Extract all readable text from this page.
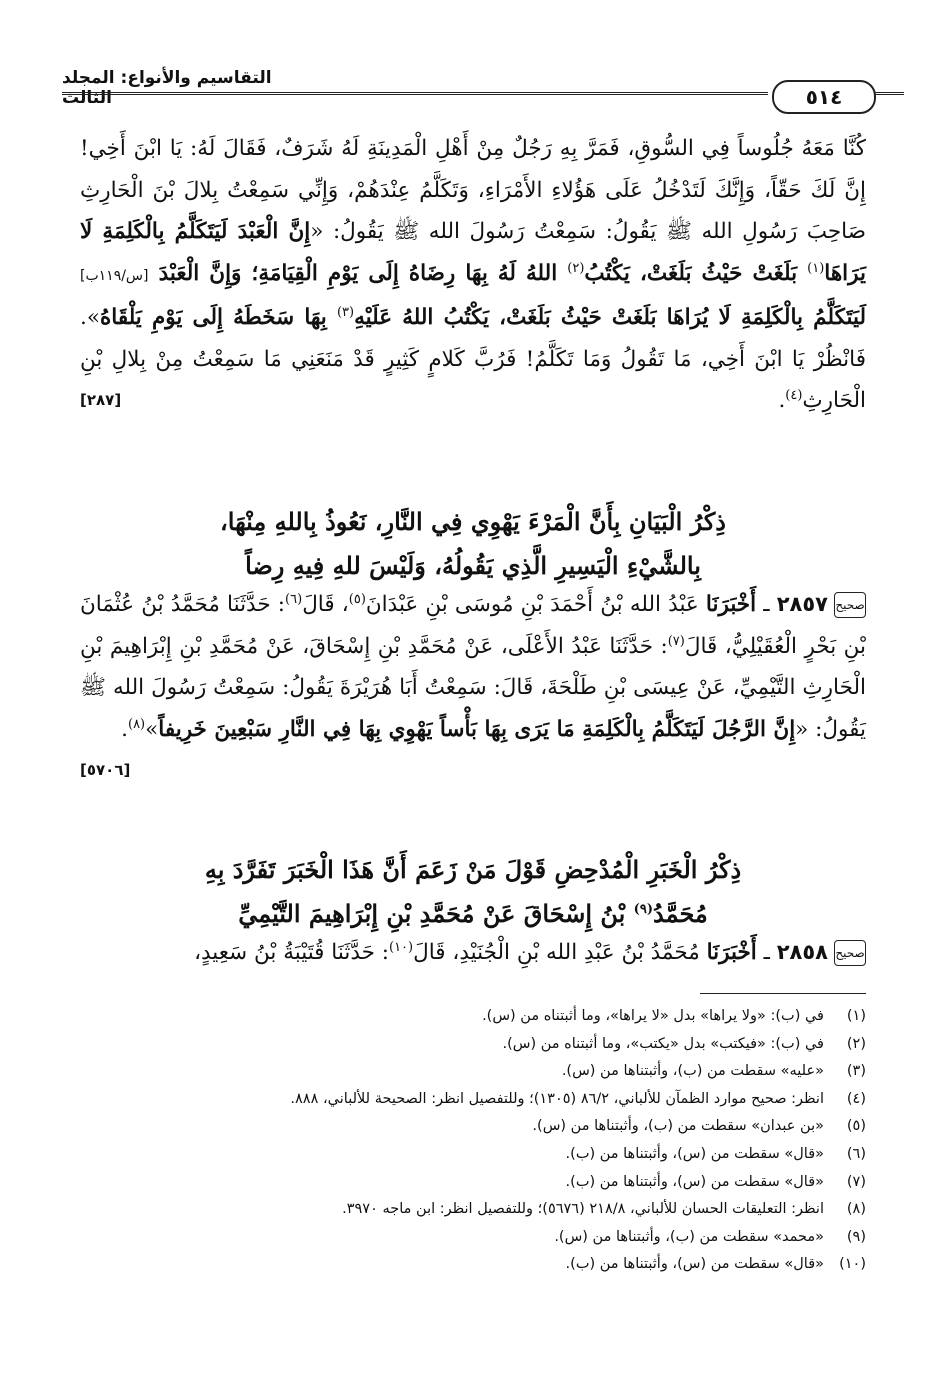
التقاسيم والأنواع: المجلد الثالث	٥١٤

كُنَّا مَعَهُ جُلُوساً فِي السُّوقِ، فَمَرَّ بِهِ رَجُلٌ مِنْ أَهْلِ الْمَدِينَةِ لَهُ شَرَفٌ، فَقَالَ لَهُ: يَا ابْنَ أَخِي! إِنَّ لَكَ حَقّاً، وَإِنَّكَ لَتَدْخُلُ عَلَى هَؤُلاءِ الأَمْرَاءِ، وَتَكَلَّمُ عِنْدَهُمْ، وَإِنِّي سَمِعْتُ بِلالَ بْنَ الْحَارِثِ صَاحِبَ رَسُولِ الله ﷺ يَقُولُ: سَمِعْتُ رَسُولَ الله ﷺ يَقُولُ: «إِنَّ الْعَبْدَ لَيَتَكَلَّمُ بِالْكَلِمَةِ لَا يَرَاهَا$^{(١)}$ بَلَغَتْ حَيْثُ بَلَغَتْ، يَكْتُبُ$^{(٢)}$ اللهُ لَهُ بِهَا رِضَاهُ إِلَى يَوْمِ الْقِيَامَةِ؛ وَإِنَّ الْعَبْدَ [س/١١٩ب] لَيَتَكَلَّمُ بِالْكَلِمَةِ لَا يُرَاهَا بَلَغَتْ حَيْثُ بَلَغَتْ، يَكْتُبُ اللهُ عَلَيْهِ$^{(٣)}$ بِهَا سَخَطَهُ إِلَى يَوْمِ يَلْقَاهُ». فَانْظُرْ يَا ابْنَ أَخِي، مَا تَقُولُ وَمَا تَكَلَّمُ! فَرُبَّ كَلامٍ كَثِيرٍ قَدْ مَنَعَنِي مَا سَمِعْتُ مِنْ بِلالِ بْنِ الْحَارِثِ$^{(٤)}$.
[٢٨٧]

ذِكْرُ الْبَيَانِ بِأَنَّ الْمَرْءَ يَهْوِي فِي النَّارِ، نَعُوذُ بِاللهِ مِنْهَا،
بِالشَّيْءِ الْيَسِيرِ الَّذِي يَقُولُهُ، وَلَيْسَ للهِ فِيهِ رِضاً

صحيح٢٨٥٧ ـ أَخْبَرَنَا عَبْدُ الله بْنُ أَحْمَدَ بْنِ مُوسَى بْنِ عَبْدَانَ$^{(٥)}$، قَالَ$^{(٦)}$: حَدَّثَنَا مُحَمَّدُ بْنُ عُثْمَانَ بْنِ بَحْرٍ الْعُقَيْلِيُّ، قَالَ$^{(٧)}$: حَدَّثَنَا عَبْدُ الأَعْلَى، عَنْ مُحَمَّدِ بْنِ إِسْحَاقَ، عَنْ مُحَمَّدِ بْنِ إِبْرَاهِيمَ بْنِ الْحَارِثِ التَّيْمِيِّ، عَنْ عِيسَى بْنِ طَلْحَةَ، قَالَ: سَمِعْتُ أَبَا هُرَيْرَةَ يَقُولُ: سَمِعْتُ رَسُولَ الله ﷺ يَقُولُ: «إِنَّ الرَّجُلَ لَيَتَكَلَّمُ بِالْكَلِمَةِ مَا يَرَى بِهَا بَأْساً يَهْوِي بِهَا فِي النَّارِ سَبْعِينَ خَرِيفاً»$^{(٨)}$.
[٥٧٠٦]

ذِكْرُ الْخَبَرِ الْمُدْحِضِ قَوْلَ مَنْ زَعَمَ أَنَّ هَذَا الْخَبَرَ تَفَرَّدَ بِهِ
مُحَمَّدُ$^{(٩)}$ بْنُ إِسْحَاقَ عَنْ مُحَمَّدِ بْنِ إِبْرَاهِيمَ التَّيْمِيِّ

صحيح٢٨٥٨ ـ أَخْبَرَنَا مُحَمَّدُ بْنُ عَبْدِ الله بْنِ الْجُنَيْدِ، قَالَ$^{(١٠)}$: حَدَّثَنَا قُتَيْبَةُ بْنُ سَعِيدٍ،

(١)في (ب): «ولا يراها» بدل «لا يراها»، وما أثبتناه من (س).
(٢)في (ب): «فيكتب» بدل «يكتب»، وما أثبتناه من (س).
(٣)«عليه» سقطت من (ب)، وأثبتناها من (س).
(٤)انظر: صحيح موارد الظمآن للألباني، ٨٦/٢ (١٣٠٥)؛ وللتفصيل انظر: الصحيحة للألباني، ٨٨٨.
(٥)«بن عبدان» سقطت من (ب)، وأثبتناها من (س).
(٦)«قال» سقطت من (س)، وأثبتناها من (ب).
(٧)«قال» سقطت من (س)، وأثبتناها من (ب).
(٨)انظر: التعليقات الحسان للألباني، ٢١٨/٨ (٥٦٧٦)؛ وللتفصيل انظر: ابن ماجه ٣٩٧٠.
(٩)«محمد» سقطت من (ب)، وأثبتناها من (س).
(١٠)«قال» سقطت من (س)، وأثبتناها من (ب).
